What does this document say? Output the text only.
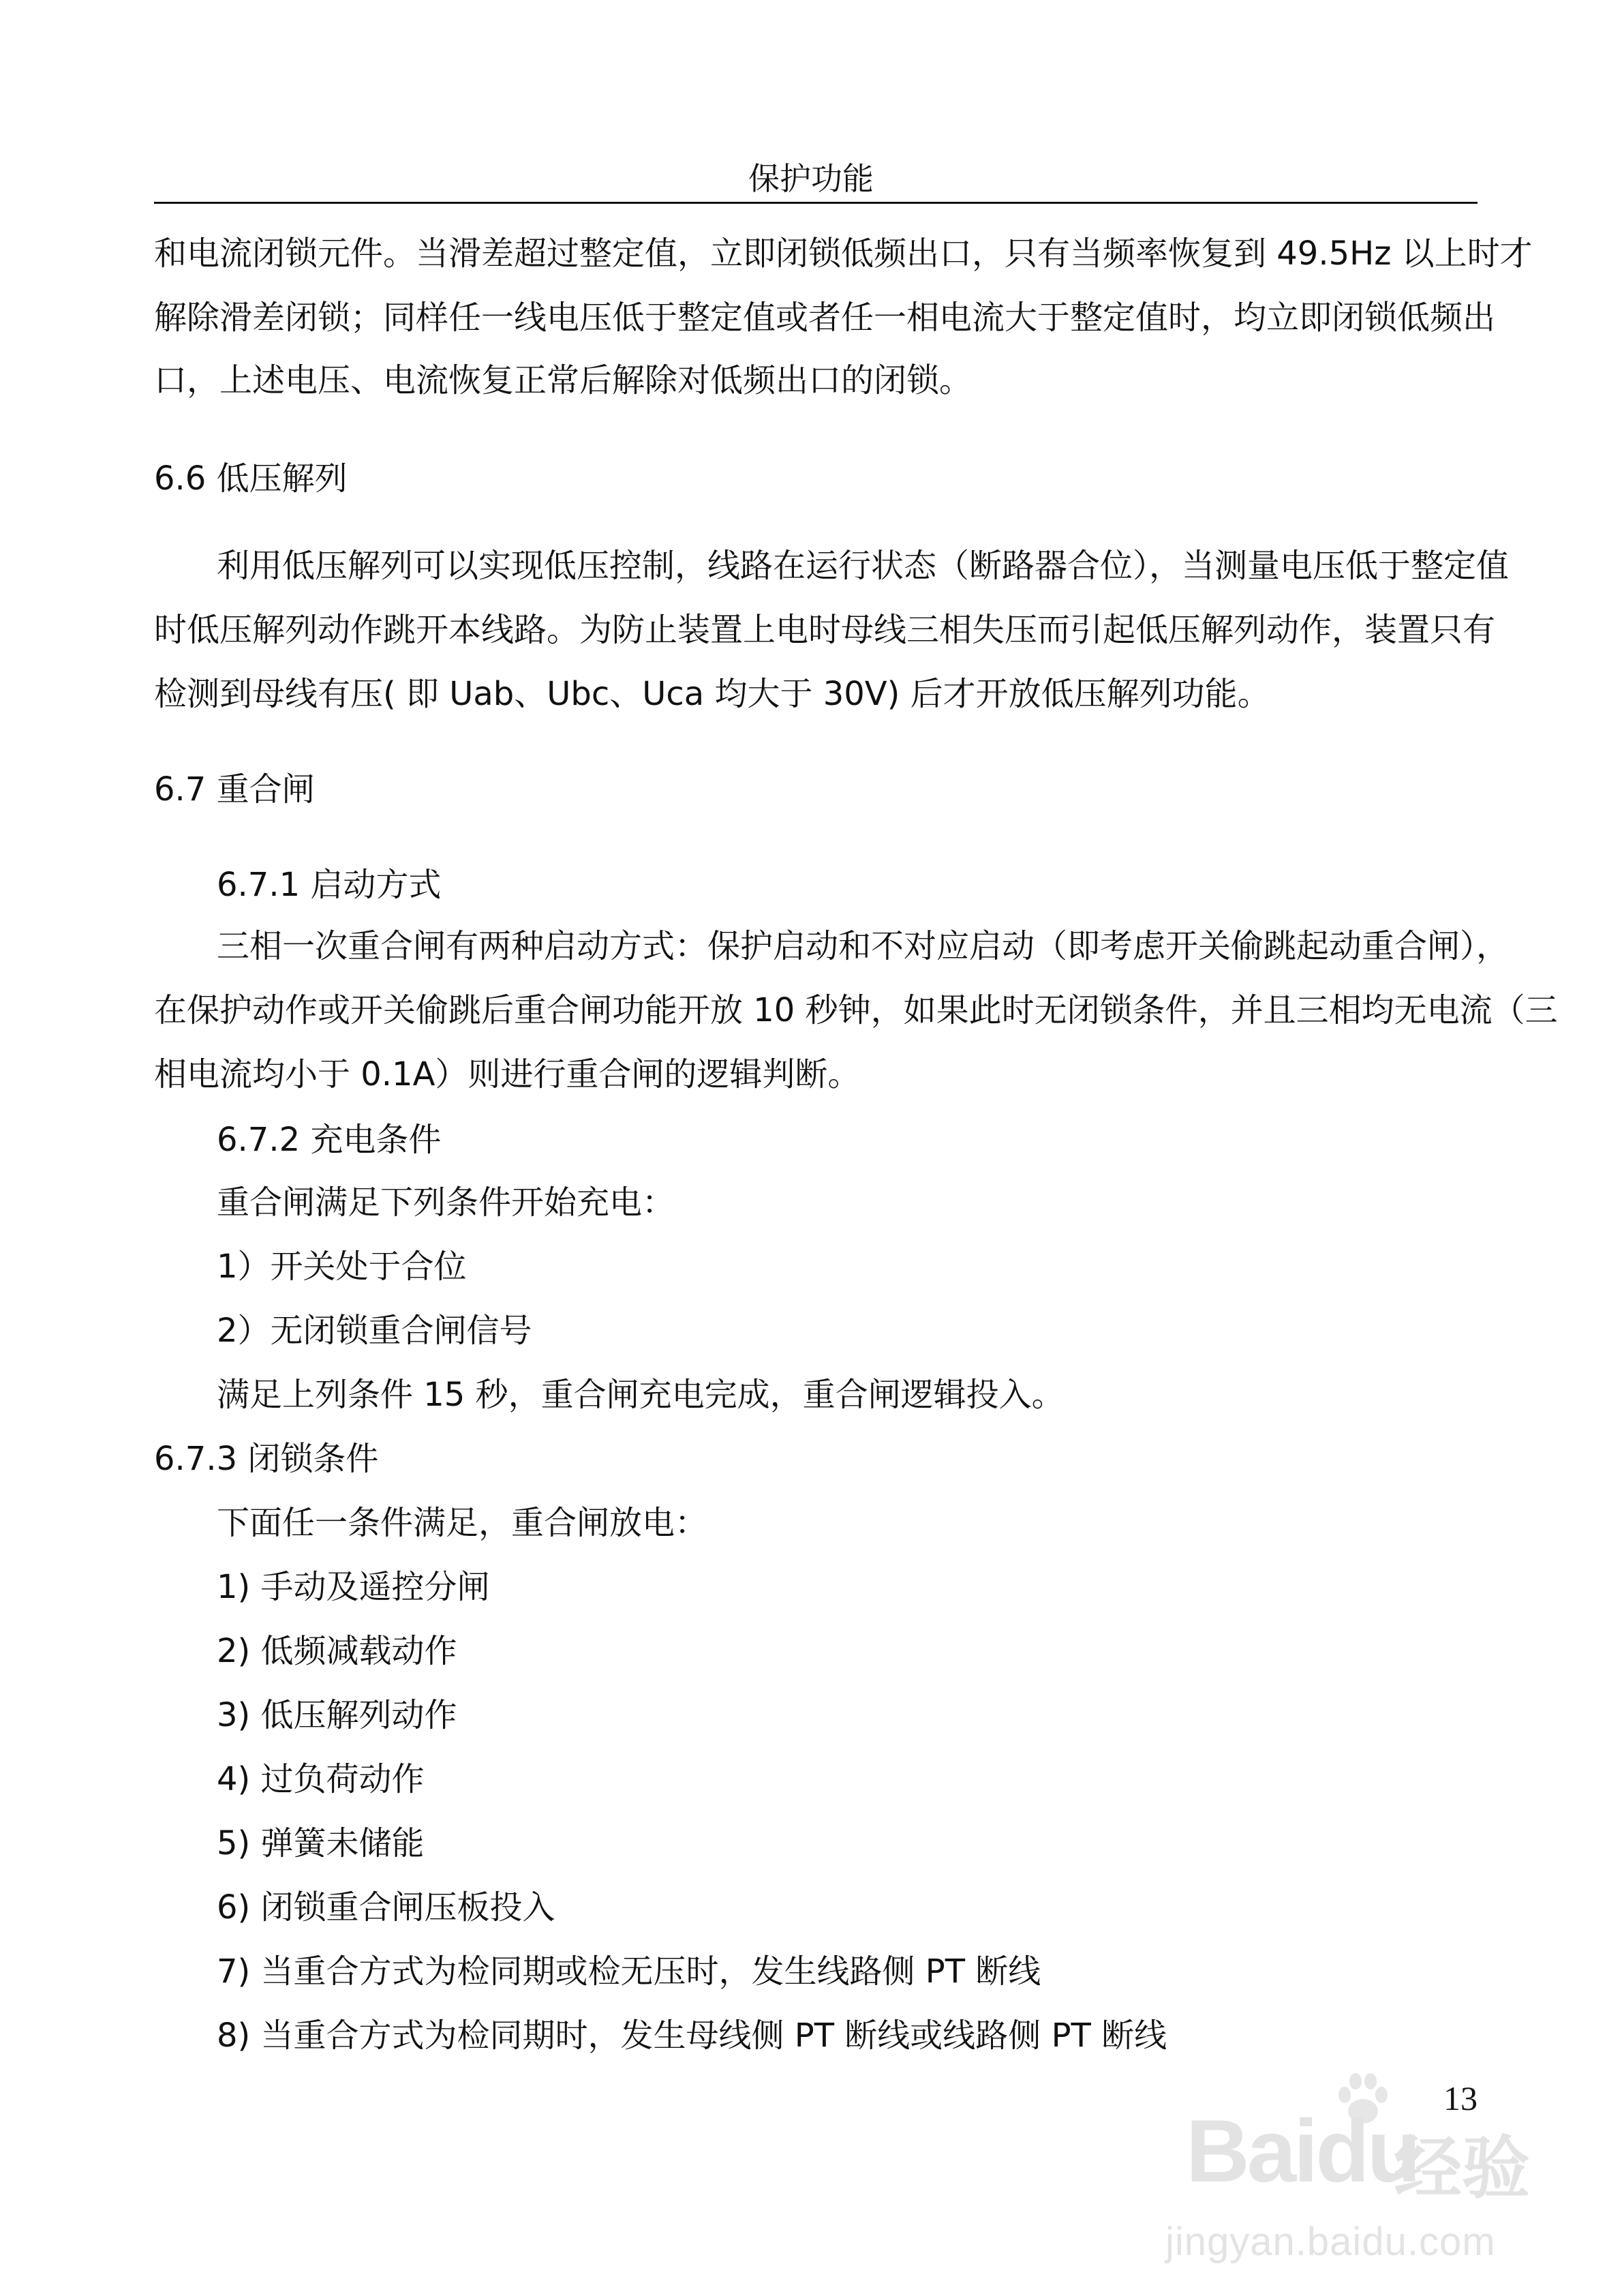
保护功能
和电流闭锁元件。当滑差超过整定值，立即闭锁低频出口，只有当频率恢复到 49.5Hz 以上时才
解除滑差闭锁；同样任一线电压低于整定值或者任一相电流大于整定值时，均立即闭锁低频出
口，上述电压、电流恢复正常后解除对低频出口的闭锁。
6.6 低压解列
利用低压解列可以实现低压控制，线路在运行状态（断路器合位），当测量电压低于整定值
时低压解列动作跳开本线路。为防止装置上电时母线三相失压而引起低压解列动作，装置只有
检测到母线有压( 即 Uab、Ubc、Uca 均大于 30V) 后才开放低压解列功能。
6.7 重合闸
6.7.1 启动方式
三相一次重合闸有两种启动方式：保护启动和不对应启动（即考虑开关偷跳起动重合闸），
在保护动作或开关偷跳后重合闸功能开放 10 秒钟，如果此时无闭锁条件，并且三相均无电流（三
相电流均小于 0.1A）则进行重合闸的逻辑判断。
6.7.2 充电条件
重合闸满足下列条件开始充电：
1）开关处于合位
2）无闭锁重合闸信号
满足上列条件 15 秒，重合闸充电完成，重合闸逻辑投入。
6.7.3 闭锁条件
下面任一条件满足，重合闸放电：
1) 手动及遥控分闸
2) 低频减载动作
3) 低压解列动作
4) 过负荷动作
5) 弹簧未储能
6) 闭锁重合闸压板投入
7) 当重合方式为检同期或检无压时，发生线路侧 PT 断线
8) 当重合方式为检同期时，发生母线侧 PT 断线或线路侧 PT 断线
13
Baidu
经验
jingyan.baidu.com
